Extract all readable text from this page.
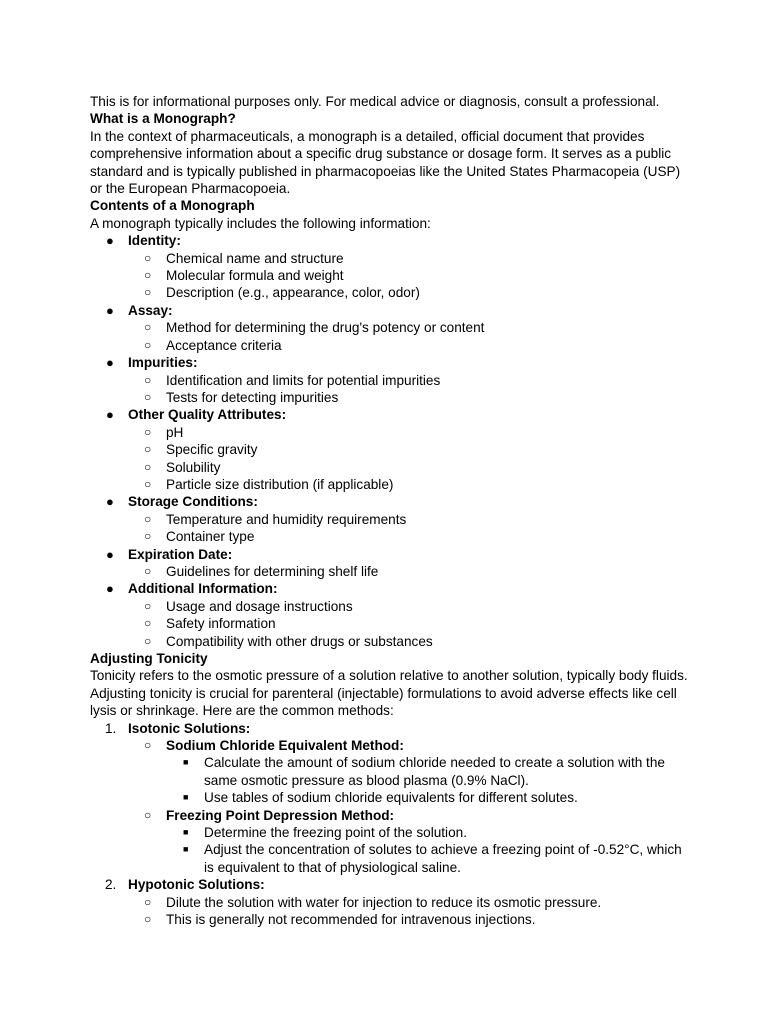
This is for informational purposes only. For medical advice or diagnosis, consult a professional.

What is a Monograph?

In the context of pharmaceuticals, a monograph is a detailed, official document that provides comprehensive information about a specific drug substance or dosage form. It serves as a public standard and is typically published in pharmacopoeias like the United States Pharmacopeia (USP) or the European Pharmacopoeia.

Contents of a Monograph

A monograph typically includes the following information:

● Identity:
○ Chemical name and structure
○ Molecular formula and weight
○ Description (e.g., appearance, color, odor)
● Assay:
○ Method for determining the drug's potency or content
○ Acceptance criteria
● Impurities:
○ Identification and limits for potential impurities
○ Tests for detecting impurities
● Other Quality Attributes:
○ pH
○ Specific gravity
○ Solubility
○ Particle size distribution (if applicable)
● Storage Conditions:
○ Temperature and humidity requirements
○ Container type
● Expiration Date:
○ Guidelines for determining shelf life
● Additional Information:
○ Usage and dosage instructions
○ Safety information
○ Compatibility with other drugs or substances

Adjusting Tonicity

Tonicity refers to the osmotic pressure of a solution relative to another solution, typically body fluids. Adjusting tonicity is crucial for parenteral (injectable) formulations to avoid adverse effects like cell lysis or shrinkage. Here are the common methods:

1. Isotonic Solutions:
○ Sodium Chloride Equivalent Method:
■ Calculate the amount of sodium chloride needed to create a solution with the same osmotic pressure as blood plasma (0.9% NaCl).
■ Use tables of sodium chloride equivalents for different solutes.
○ Freezing Point Depression Method:
■ Determine the freezing point of the solution.
■ Adjust the concentration of solutes to achieve a freezing point of -0.52°C, which is equivalent to that of physiological saline.
2. Hypotonic Solutions:
○ Dilute the solution with water for injection to reduce its osmotic pressure.
○ This is generally not recommended for intravenous injections.
